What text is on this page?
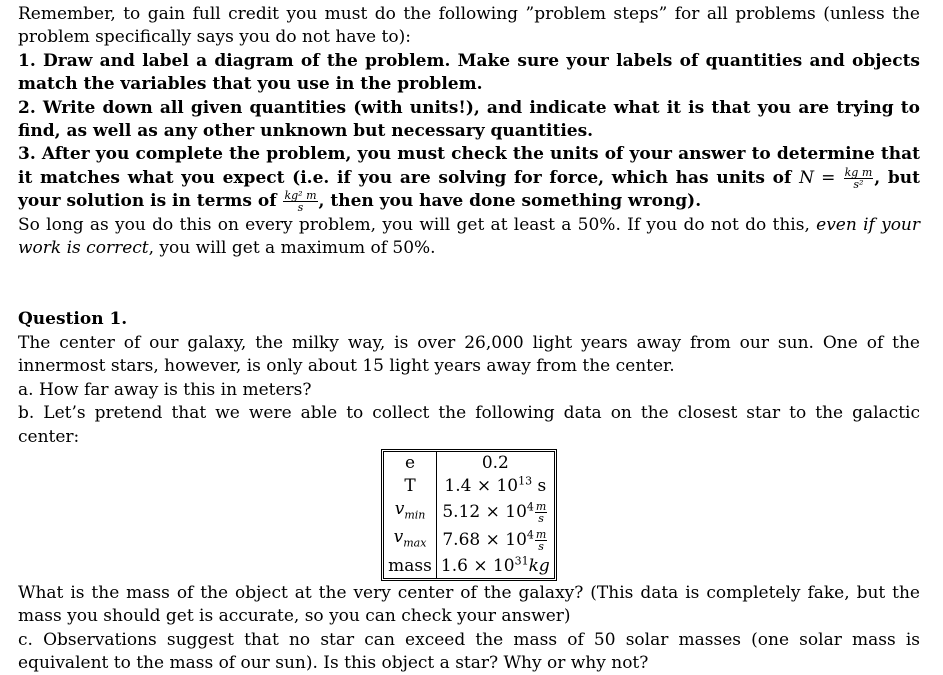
Remember, to gain full credit you must do the following ”problem steps” for all problems (unless the problem specifically says you do not have to):

1. Draw and label a diagram of the problem. Make sure your labels of quantities and objects match the variables that you use in the problem.

2. Write down all given quantities (with units!), and indicate what it is that you are trying to find, as well as any other unknown but necessary quantities.

3. After you complete the problem, you must check the units of your answer to determine that it matches what you expect (i.e. if you are solving for force, which has units of $N = \frac{\text{kg m}}{\text{s²}}$ , but your solution is in terms of $\frac{\text{kg² m}}{s}$ , then you have done something wrong).

So long as you do this on every problem, you will get at least a 50%. If you do not do this, even if your work is correct, you will get a maximum of 50%.

Question 1.

The center of our galaxy, the milky way, is over 26,000 light years away from our sun. One of the innermost stars, however, is only about 15 light years away from the center.

a. How far away is this in meters?

b. Let’s pretend that we were able to collect the following data on the closest star to the galactic center:

e	0.2
T	$1.4 \times 10^{13}$ s
$v_{min}$	$5.12 \times 10^4 \frac{m}{s}$

$v_{max}$	$7.68 \times 10^4 \frac{m}{s}$

mass	$1.6 \times 10^{31}kg$

What is the mass of the object at the very center of the galaxy? (This data is completely fake, but the mass you should get is accurate, so you can check your answer)

c. Observations suggest that no star can exceed the mass of 50 solar masses (one solar mass is equivalent to the mass of our sun). Is this object a star? Why or why not?
